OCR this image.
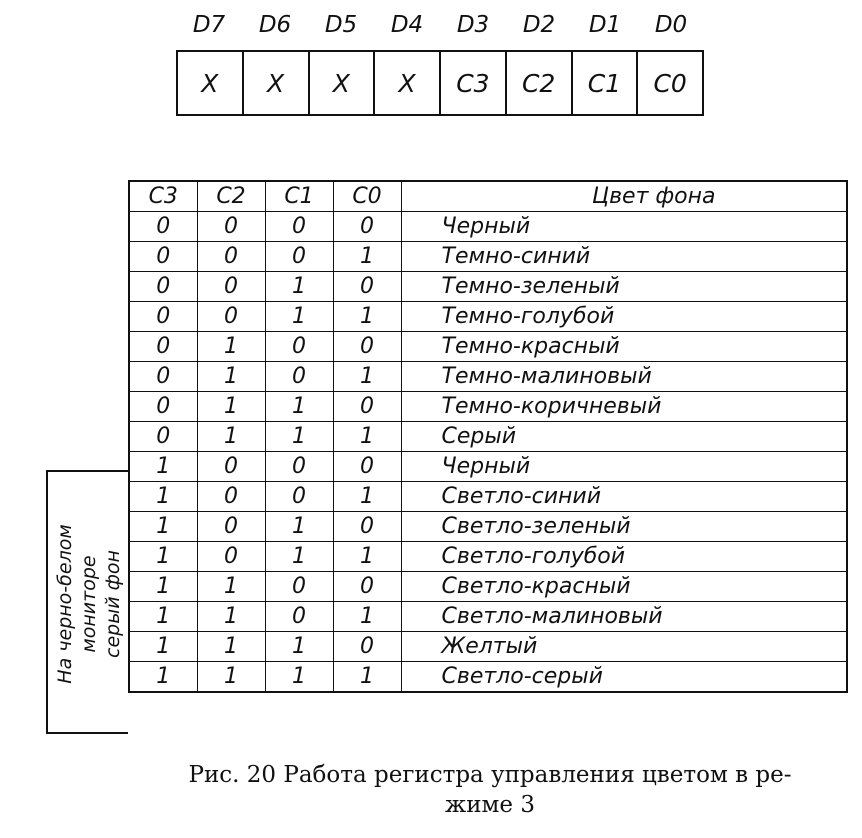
D7	D6	D5	D4	D3	D2	D1	D0
X	X	X	X	C3	C2	C1	C0
C3	C2	C1	C0	Цвет фона
0	0	0	0	Черный
0	0	0	1	Темно-синий
0	0	1	0	Темно-зеленый
0	0	1	1	Темно-голубой
0	1	0	0	Темно-красный
0	1	0	1	Темно-малиновый
0	1	1	0	Темно-коричневый
0	1	1	1	Серый
1	0	0	0	Черный
1	0	0	1	Светло-синий
1	0	1	0	Светло-зеленый
1	0	1	1	Светло-голубой
1	1	0	0	Светло-красный
1	1	0	1	Светло-малиновый
1	1	1	0	Желтый
1	1	1	1	Светло-серый
На черно-белом мониторе серый фон
Рис. 20 Работа регистра управления цветом в ре-
жиме 3
